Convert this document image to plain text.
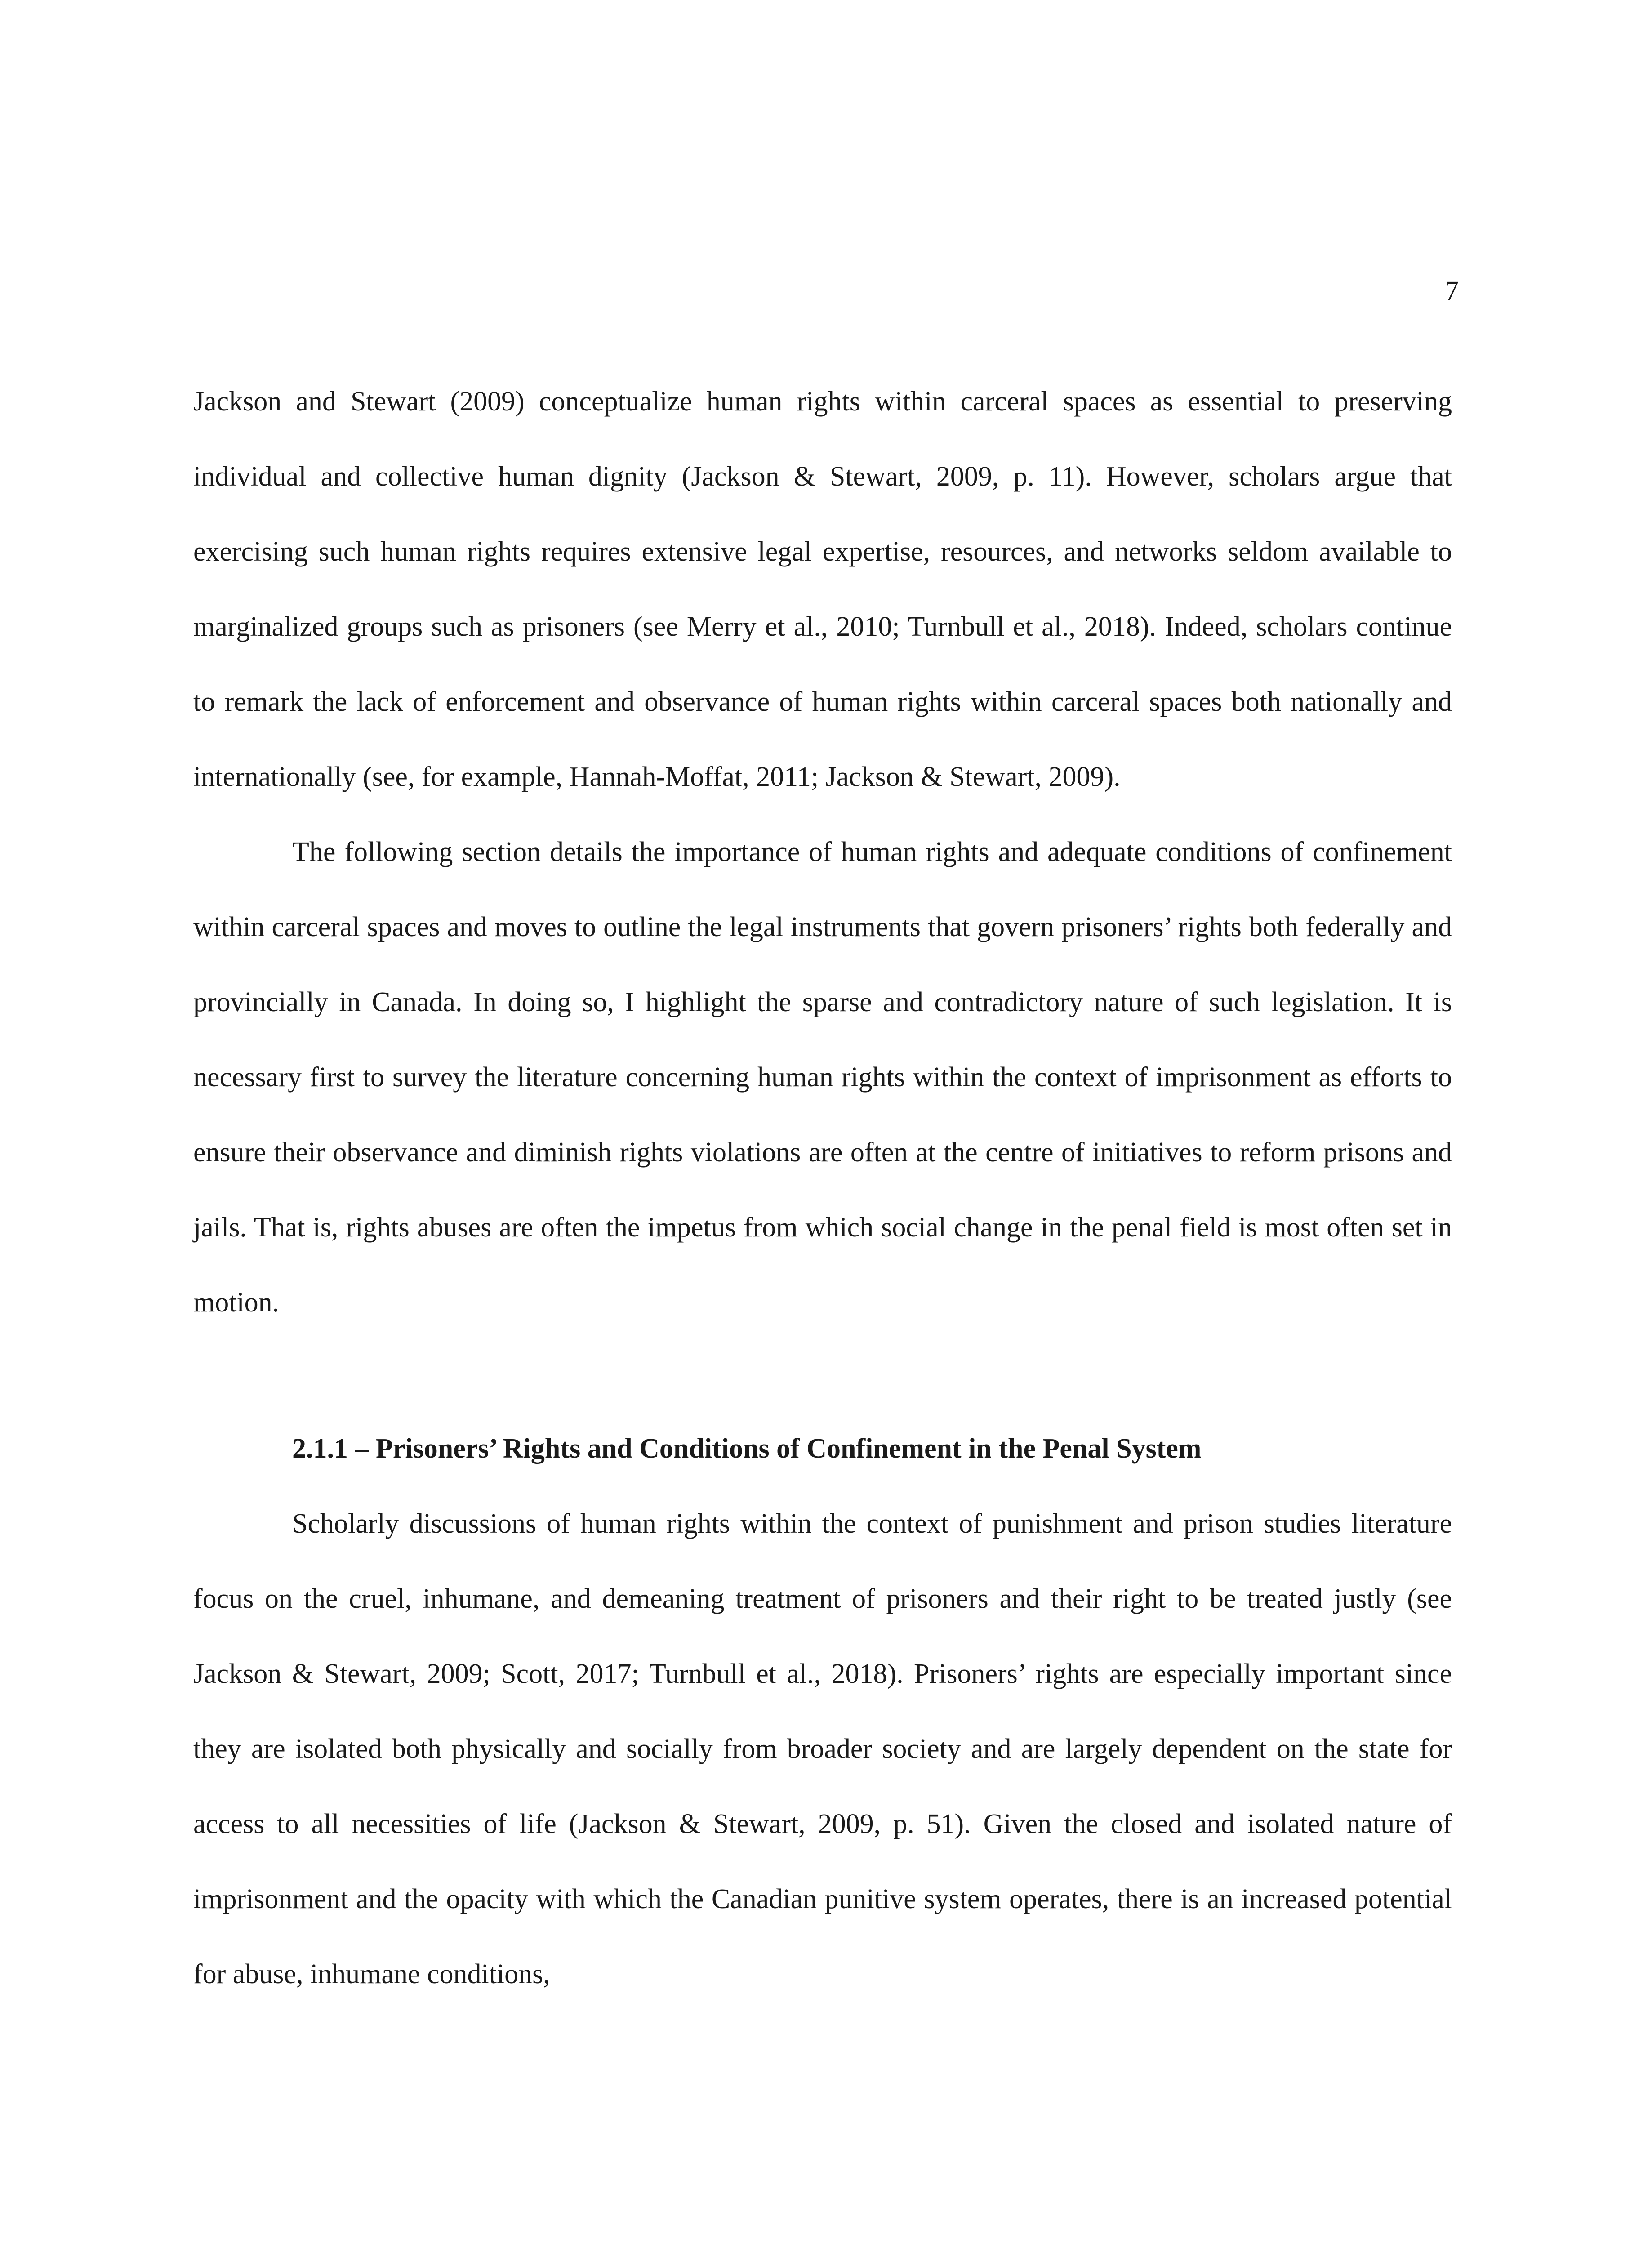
7

Jackson and Stewart (2009) conceptualize human rights within carceral spaces as essential to preserving individual and collective human dignity (Jackson & Stewart, 2009, p. 11). However, scholars argue that exercising such human rights requires extensive legal expertise, resources, and networks seldom available to marginalized groups such as prisoners (see Merry et al., 2010; Turnbull et al., 2018). Indeed, scholars continue to remark the lack of enforcement and observance of human rights within carceral spaces both nationally and internationally (see, for example, Hannah-Moffat, 2011; Jackson & Stewart, 2009).

The following section details the importance of human rights and adequate conditions of confinement within carceral spaces and moves to outline the legal instruments that govern prisoners’ rights both federally and provincially in Canada. In doing so, I highlight the sparse and contradictory nature of such legislation. It is necessary first to survey the literature concerning human rights within the context of imprisonment as efforts to ensure their observance and diminish rights violations are often at the centre of initiatives to reform prisons and jails. That is, rights abuses are often the impetus from which social change in the penal field is most often set in motion.

2.1.1 – Prisoners’ Rights and Conditions of Confinement in the Penal System

Scholarly discussions of human rights within the context of punishment and prison studies literature focus on the cruel, inhumane, and demeaning treatment of prisoners and their right to be treated justly (see Jackson & Stewart, 2009; Scott, 2017; Turnbull et al., 2018). Prisoners’ rights are especially important since they are isolated both physically and socially from broader society and are largely dependent on the state for access to all necessities of life (Jackson & Stewart, 2009, p. 51). Given the closed and isolated nature of imprisonment and the opacity with which the Canadian punitive system operates, there is an increased potential for abuse, inhumane conditions,
